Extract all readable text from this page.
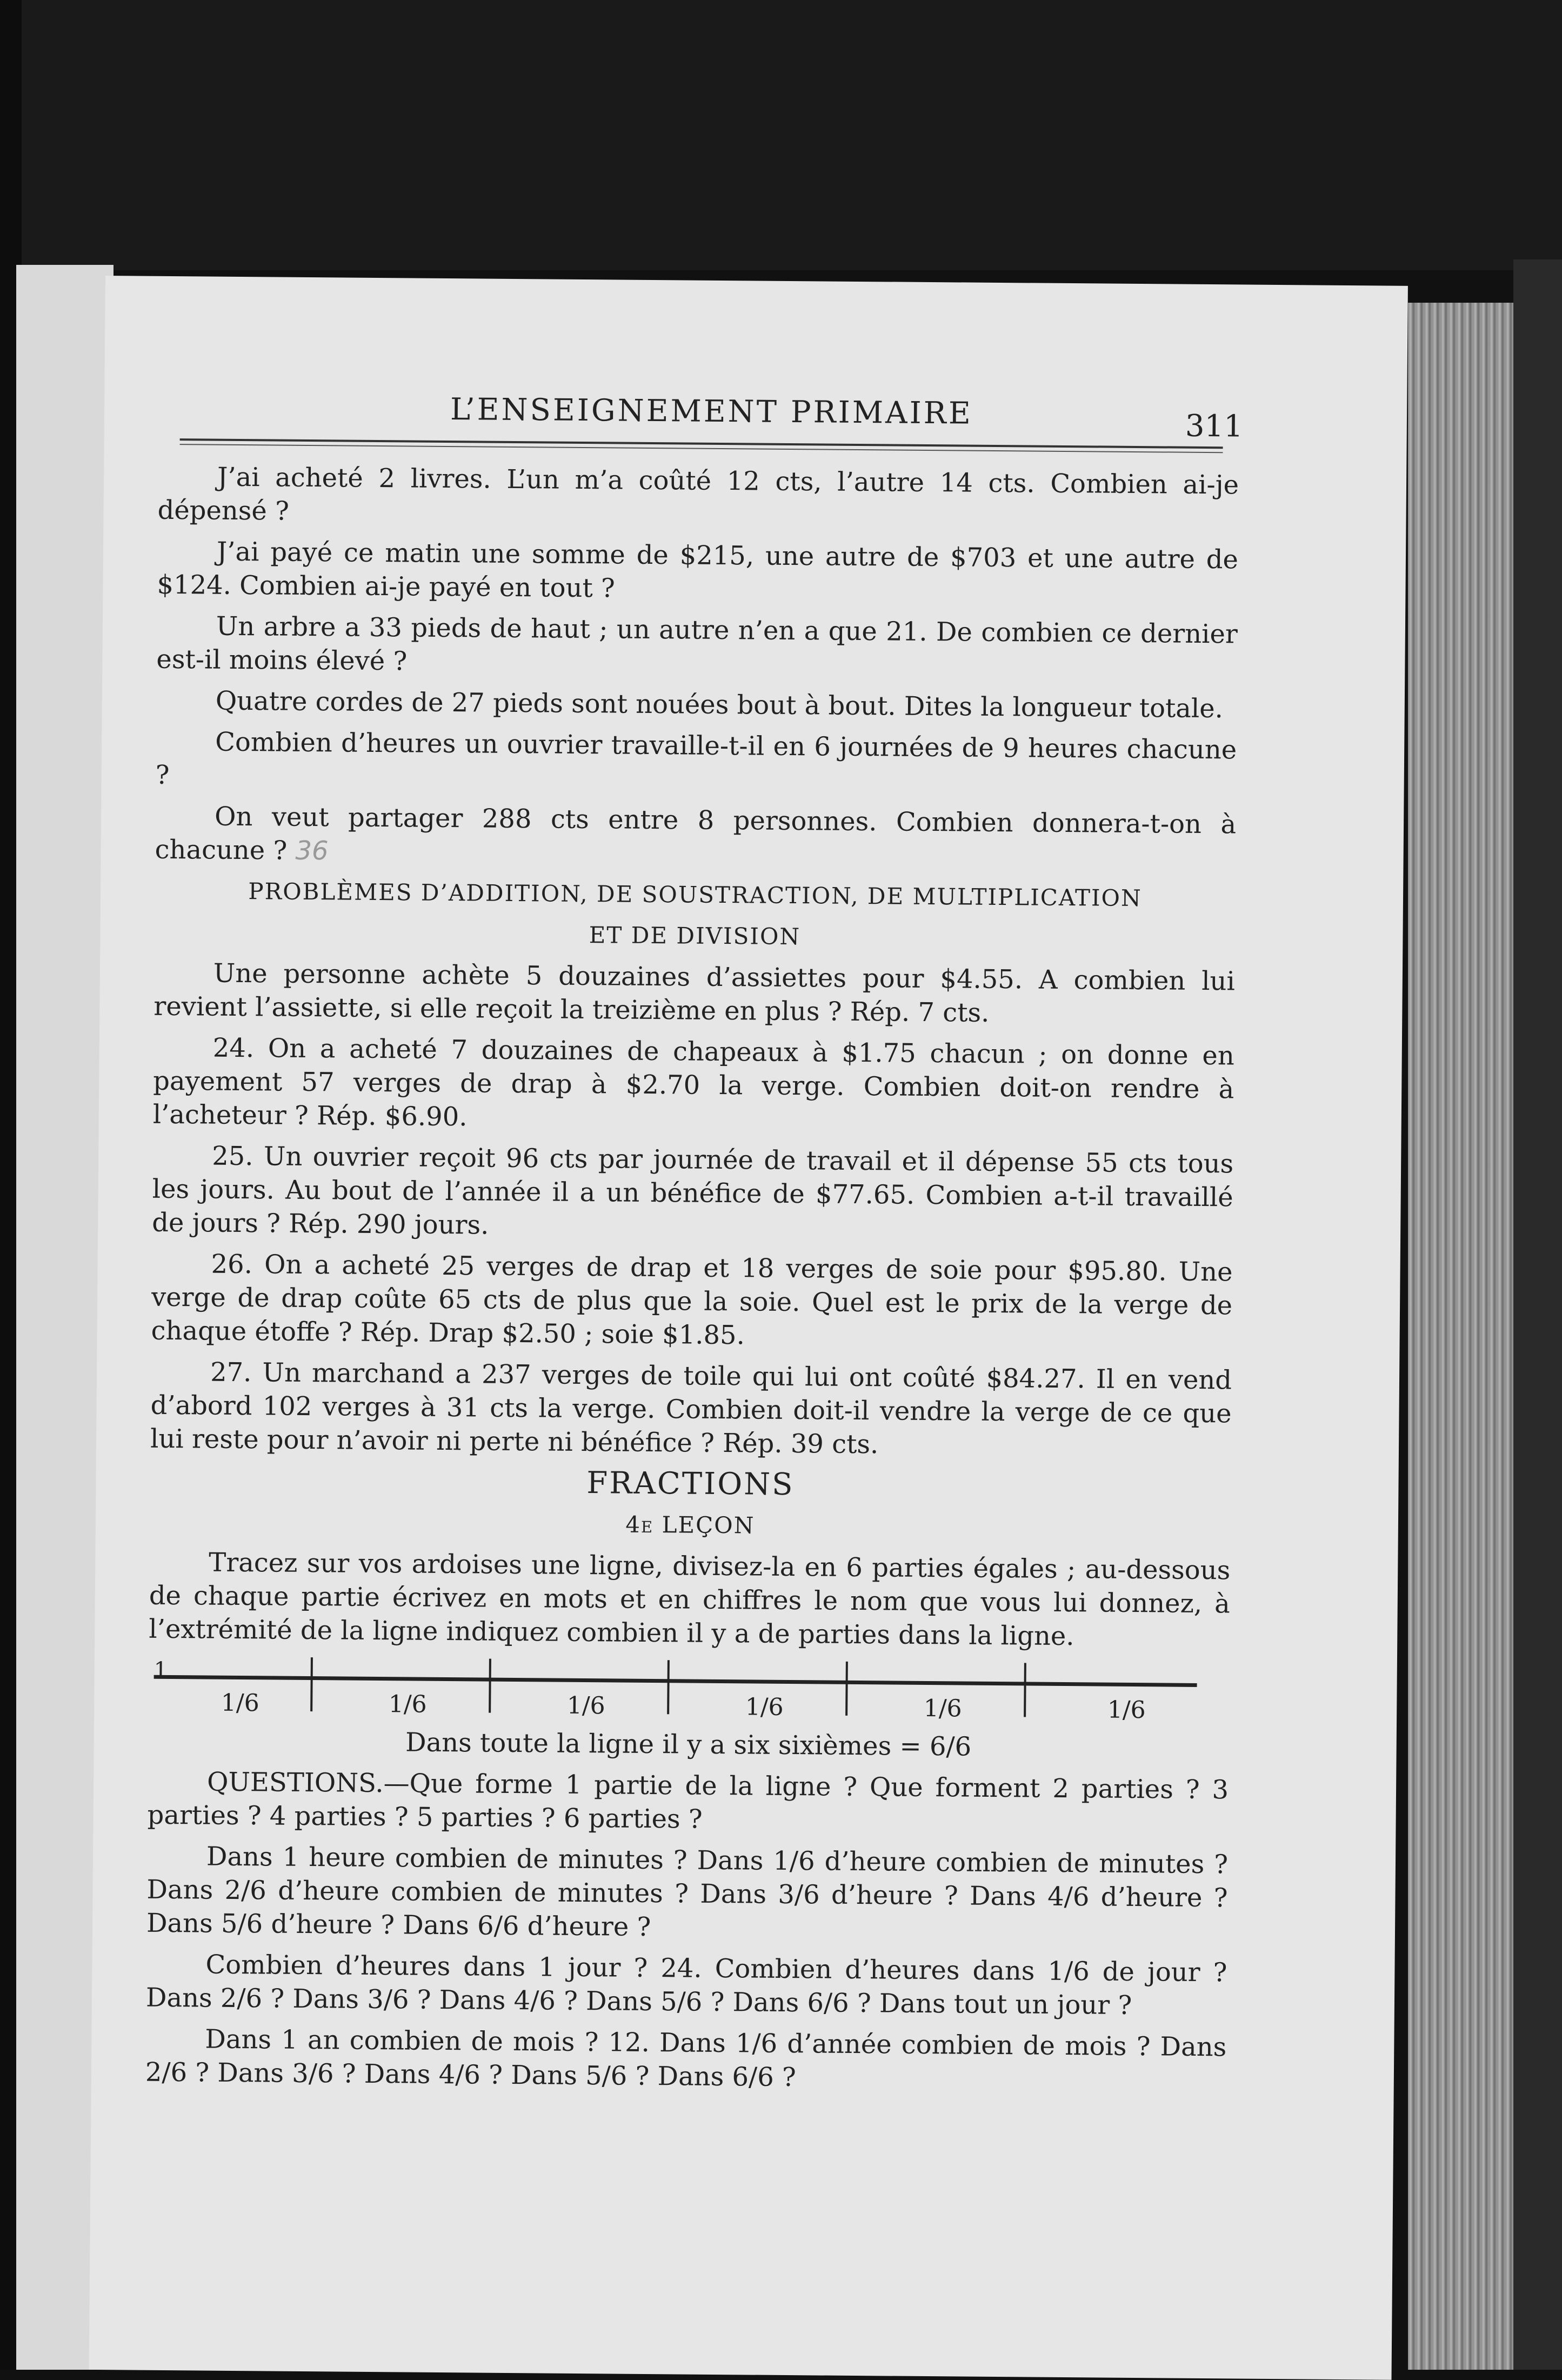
L’ENSEIGNEMENT PRIMAIRE	311

J’ai acheté 2 livres. L’un m’a coûté 12 cts, l’autre 14 cts. Combien ai-je dépensé ?

J’ai payé ce matin une somme de $215, une autre de $703 et une autre de $124. Combien ai-je payé en tout ?

Un arbre a 33 pieds de haut ; un autre n’en a que 21. De combien ce dernier est-il moins élevé ?

Quatre cordes de 27 pieds sont nouées bout à bout. Dites la longueur totale.

Combien d’heures un ouvrier travaille-t-il en 6 journées de 9 heures chacune ?

On veut partager 288 cts entre 8 personnes. Combien donnera-t-on à chacune ? 36

PROBLÈMES D’ADDITION, DE SOUSTRACTION, DE MULTIPLICATION

ET DE DIVISION

Une personne achète 5 douzaines d’assiettes pour $4.55. A combien lui revient l’assiette, si elle reçoit la treizième en plus ? Rép. 7 cts.

24. On a acheté 7 douzaines de chapeaux à $1.75 chacun ; on donne en payement 57 verges de drap à $2.70 la verge. Combien doit-on rendre à l’acheteur ? Rép. $6.90.

25. Un ouvrier reçoit 96 cts par journée de travail et il dépense 55 cts tous les jours. Au bout de l’année il a un bénéfice de $77.65. Combien a-t-il travaillé de jours ? Rép. 290 jours.

26. On a acheté 25 verges de drap et 18 verges de soie pour $95.80. Une verge de drap coûte 65 cts de plus que la soie. Quel est le prix de la verge de chaque étoffe ? Rép. Drap $2.50 ; soie $1.85.

27. Un marchand a 237 verges de toile qui lui ont coûté $84.27. Il en vend d’abord 102 verges à 31 cts la verge. Combien doit-il vendre la verge de ce que lui reste pour n’avoir ni perte ni bénéfice ? Rép. 39 cts.

FRACTIONS

4e LEÇON

Tracez sur vos ardoises une ligne, divisez-la en 6 parties égales ; au-dessous de chaque partie écrivez en mots et en chiffres le nom que vous lui donnez, à l’extrémité de la ligne indiquez combien il y a de parties dans la ligne.

1
1/6	1/6	1/6	1/6	1/6	1/6

Dans toute la ligne il y a six sixièmes = 6/6

QUESTIONS.—Que forme 1 partie de la ligne ? Que forment 2 parties ? 3 parties ? 4 parties ? 5 parties ? 6 parties ?

Dans 1 heure combien de minutes ? Dans 1/6 d’heure combien de minutes ? Dans 2/6 d’heure combien de minutes ? Dans 3/6 d’heure ? Dans 4/6 d’heure ? Dans 5/6 d’heure ? Dans 6/6 d’heure ?

Combien d’heures dans 1 jour ? 24. Combien d’heures dans 1/6 de jour ? Dans 2/6 ? Dans 3/6 ? Dans 4/6 ? Dans 5/6 ? Dans 6/6 ? Dans tout un jour ?

Dans 1 an combien de mois ? 12. Dans 1/6 d’année combien de mois ? Dans 2/6 ? Dans 3/6 ? Dans 4/6 ? Dans 5/6 ? Dans 6/6 ?
